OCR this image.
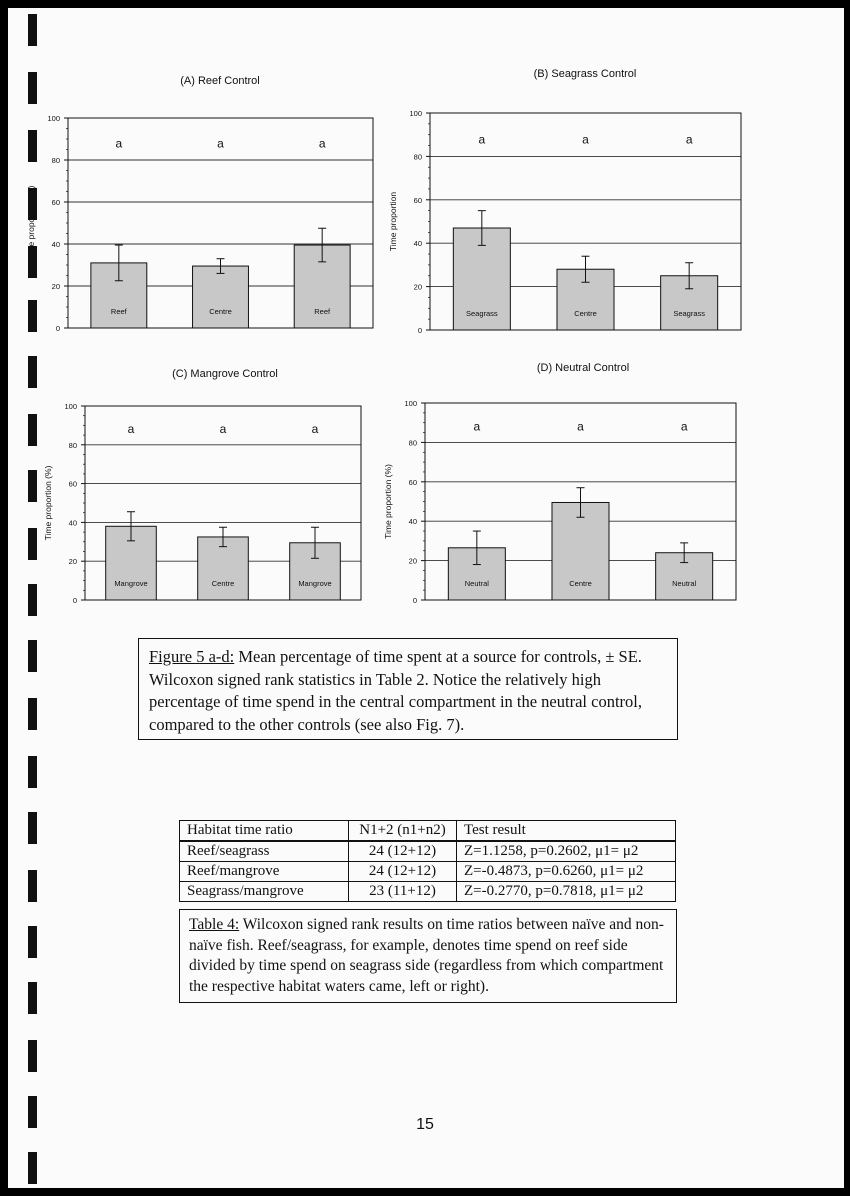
(A) Reef Control
(B) Seagrass Control
(C) Mangrove Control	(D) Neutral Control
0
20
40
60
80
100
Reef
a
Centre
a
Reef
a
Time proportion (%)
0
20
40
60
80
100
Seagrass
a
Centre
a
Seagrass
a
Time proportion
0
20
40
60
80
100
Mangrove
a
Centre
a
Mangrove
a
Time proportion (%)
0
20
40
60
80
100
Neutral
a
Centre
a
Neutral
a
Time proportion (%)

Figure 5 a-d: Mean percentage of time spent at a source for controls, ± SE. Wilcoxon signed rank statistics in Table 2. Notice the relatively high percentage of time spend in the central compartment in the neutral control, compared to the other controls (see also Fig. 7).

Habitat time ratio	N1+2 (n1+n2)	Test result
Reef/seagrass	24 (12+12)	Z=1.1258, p=0.2602, μ1= μ2
Reef/mangrove	24 (12+12)	Z=-0.4873, p=0.6260, μ1= μ2
Seagrass/mangrove	23 (11+12)	Z=-0.2770, p=0.7818, μ1= μ2

Table 4: Wilcoxon signed rank results on time ratios between naïve and non-naïve fish. Reef/seagrass, for example, denotes time spend on reef side divided by time spend on seagrass side (regardless from which compartment the respective habitat waters came, left or right).

15
